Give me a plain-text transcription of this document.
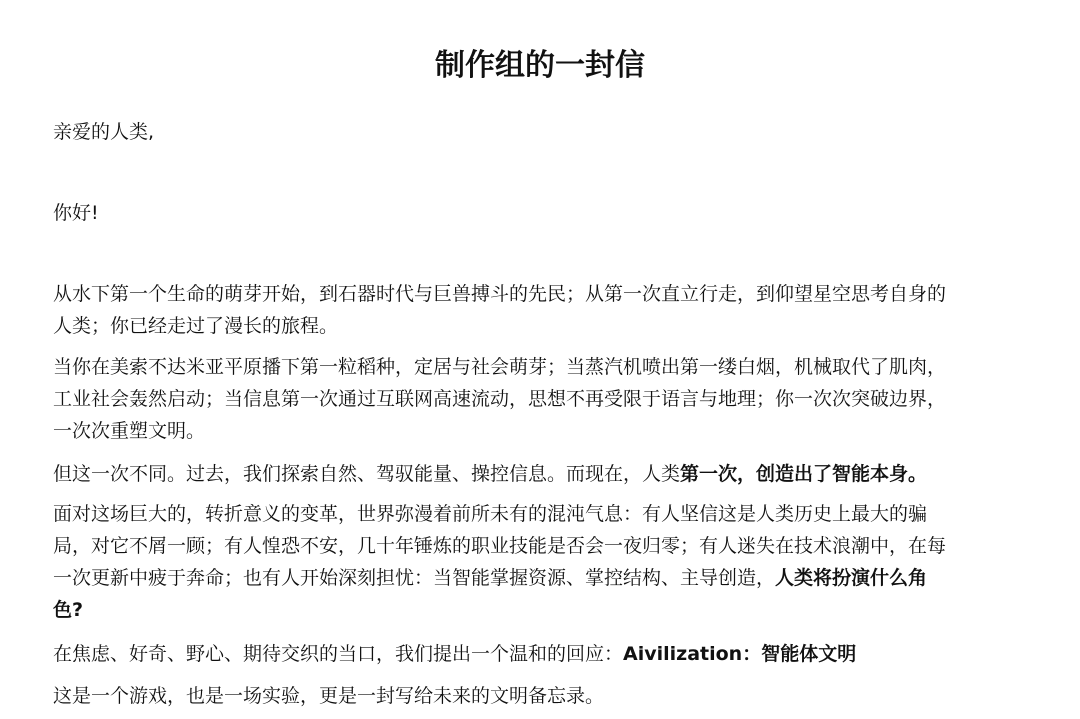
制作组的一封信

亲爱的人类,

你好!

从水下第一个生命的萌芽开始，到石器时代与巨兽搏斗的先民；从第一次直立行走，到仰望星空思考自身的
人类；你已经走过了漫长的旅程。
当你在美索不达米亚平原播下第一粒稻种，定居与社会萌芽；当蒸汽机喷出第一缕白烟，机械取代了肌肉，
工业社会轰然启动；当信息第一次通过互联网高速流动，思想不再受限于语言与地理；你一次次突破边界，
一次次重塑文明。
但这一次不同。过去，我们探索自然、驾驭能量、操控信息。而现在，人类第一次，创造出了智能本身。
面对这场巨大的，转折意义的变革，世界弥漫着前所未有的混沌气息：有人坚信这是人类历史上最大的骗
局，对它不屑一顾；有人惶恐不安，几十年锤炼的职业技能是否会一夜归零；有人迷失在技术浪潮中，在每
一次更新中疲于奔命；也有人开始深刻担忧：当智能掌握资源、掌控结构、主导创造，人类将扮演什么角
色?
在焦虑、好奇、野心、期待交织的当口，我们提出一个温和的回应：Aivilization：智能体文明
这是一个游戏，也是一场实验，更是一封写给未来的文明备忘录。
